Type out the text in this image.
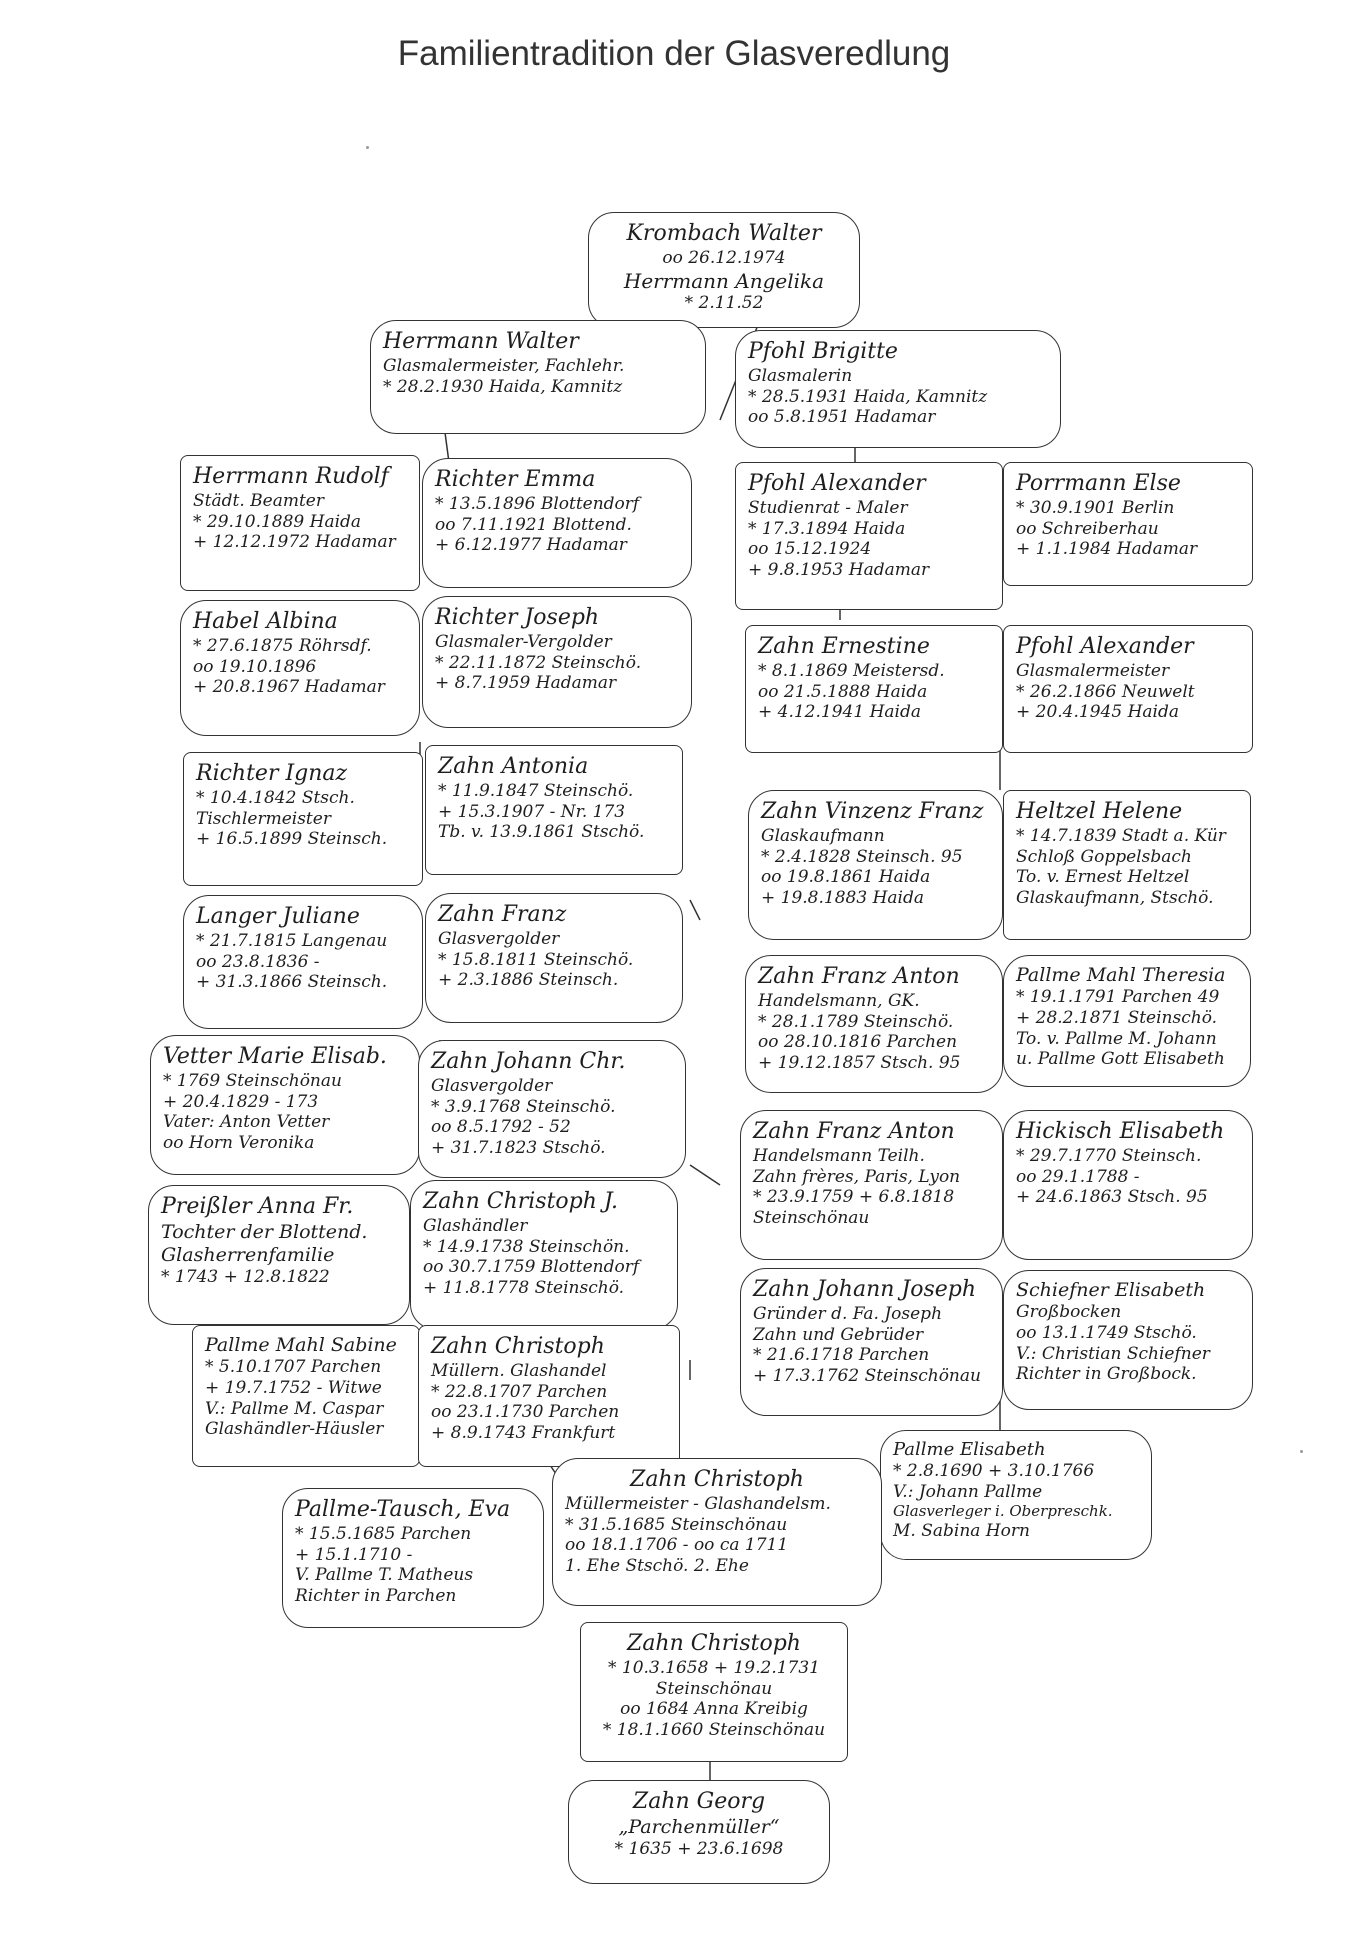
Familientradition der Glasveredlung
Krombach Walter
oo 26.12.1974
Herrmann Angelika
* 2.11.52
Herrmann Walter
Glasmalermeister, Fachlehr.
* 28.2.1930 Haida, Kamnitz
Pfohl Brigitte
Glasmalerin
* 28.5.1931 Haida, Kamnitz
oo 5.8.1951 Hadamar
Herrmann Rudolf
Städt. Beamter
* 29.10.1889 Haida
+ 12.12.1972 Hadamar
Richter Emma
* 13.5.1896 Blottendorf
oo 7.11.1921 Blottend.
+ 6.12.1977 Hadamar
Pfohl Alexander
Studienrat - Maler
* 17.3.1894 Haida
oo 15.12.1924
+ 9.8.1953 Hadamar
Porrmann Else
* 30.9.1901 Berlin
oo Schreiberhau
+ 1.1.1984 Hadamar
Habel Albina
* 27.6.1875 Röhrsdf.
oo 19.10.1896
+ 20.8.1967 Hadamar
Richter Joseph
Glasmaler-Vergolder
* 22.11.1872 Steinschö.
+ 8.7.1959 Hadamar
Zahn Ernestine
* 8.1.1869 Meistersd.
oo 21.5.1888 Haida
+ 4.12.1941 Haida
Pfohl Alexander
Glasmalermeister
* 26.2.1866 Neuwelt
+ 20.4.1945 Haida
Richter Ignaz
* 10.4.1842 Stsch.
Tischlermeister
+ 16.5.1899 Steinsch.
Zahn Antonia
* 11.9.1847 Steinschö.
+ 15.3.1907 - Nr. 173
Tb. v. 13.9.1861 Stschö.
Zahn Vinzenz Franz
Glaskaufmann
* 2.4.1828 Steinsch. 95
oo 19.8.1861 Haida
+ 19.8.1883 Haida
Heltzel Helene
* 14.7.1839 Stadt a. Kür
Schloß Goppelsbach
To. v. Ernest Heltzel
Glaskaufmann, Stschö.
Langer Juliane
* 21.7.1815 Langenau
oo 23.8.1836 -
+ 31.3.1866 Steinsch.
Zahn Franz
Glasvergolder
* 15.8.1811 Steinschö.
+ 2.3.1886 Steinsch.	Zahn Franz Anton
Handelsmann, GK.
* 28.1.1789 Steinschö.
oo 28.10.1816 Parchen
+ 19.12.1857 Stsch. 95
Pallme Mahl Theresia
* 19.1.1791 Parchen 49
+ 28.2.1871 Steinschö.
To. v. Pallme M. Johann
u. Pallme Gott Elisabeth
Vetter Marie Elisab.
* 1769 Steinschönau
+ 20.4.1829 - 173
Vater: Anton Vetter
oo Horn Veronika
Zahn Johann Chr.
Glasvergolder
* 3.9.1768 Steinschö.
oo 8.5.1792 - 52
+ 31.7.1823 Stschö.
Zahn Franz Anton
Handelsmann Teilh.
Zahn frères, Paris, Lyon
* 23.9.1759 + 6.8.1818
Steinschönau
Hickisch Elisabeth
* 29.7.1770 Steinsch.
oo 29.1.1788 -
+ 24.6.1863 Stsch. 95
Preißler Anna Fr.
Tochter der Blottend.
Glasherrenfamilie
* 1743 + 12.8.1822
Zahn Christoph J.
Glashändler
* 14.9.1738 Steinschön.
oo 30.7.1759 Blottendorf
+ 11.8.1778 Steinschö.	Zahn Johann Joseph
Gründer d. Fa. Joseph
Zahn und Gebrüder
* 21.6.1718 Parchen
+ 17.3.1762 Steinschönau
Schiefner Elisabeth
Großbocken
oo 13.1.1749 Stschö.
V.: Christian Schiefner
Richter in Großbock.
Pallme Mahl Sabine
* 5.10.1707 Parchen
+ 19.7.1752 - Witwe
V.: Pallme M. Caspar
Glashändler-Häusler
Zahn Christoph
Müllern. Glashandel
* 22.8.1707 Parchen
oo 23.1.1730 Parchen
+ 8.9.1743 Frankfurt
Pallme Elisabeth
* 2.8.1690 + 3.10.1766
V.: Johann Pallme
Glasverleger i. Oberpreschk.
M. Sabina Horn
Pallme-Tausch, Eva
* 15.5.1685 Parchen
+ 15.1.1710 -
V. Pallme T. Matheus
Richter in Parchen
Zahn Christoph
Müllermeister - Glashandelsm.
* 31.5.1685 Steinschönau
oo 18.1.1706 - oo ca 1711
1. Ehe Stschö. 2. Ehe
Zahn Christoph
* 10.3.1658 + 19.2.1731
Steinschönau
oo 1684 Anna Kreibig
* 18.1.1660 Steinschönau
Zahn Georg
„Parchenmüller“
* 1635 + 23.6.1698
